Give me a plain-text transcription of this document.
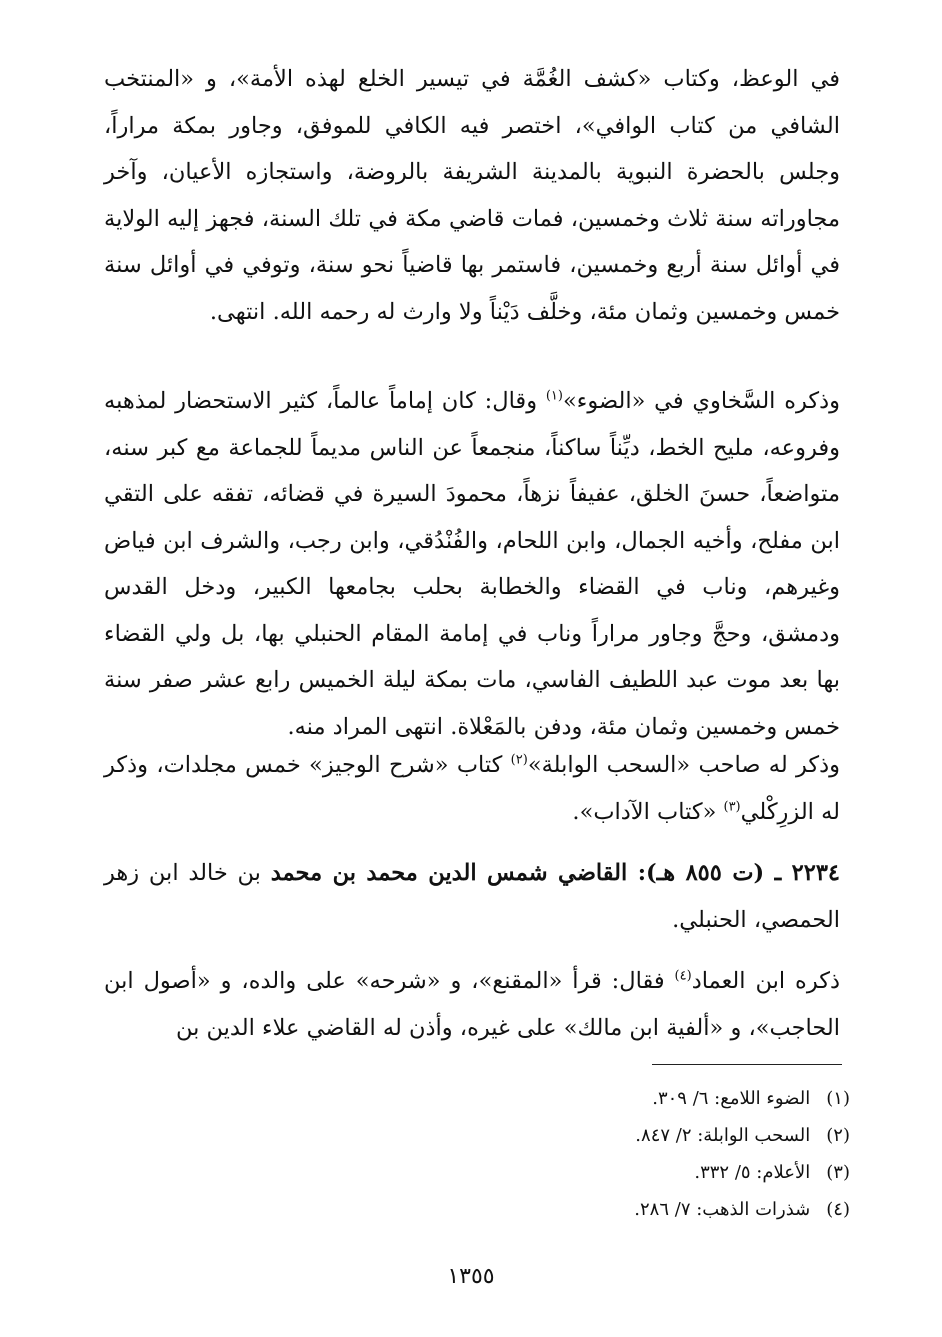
في الوعظ، وكتاب «كشف الغُمَّة في تيسير الخلع لهذه الأمة»، و «المنتخب الشافي من كتاب الوافي»، اختصر فيه الكافي للموفق، وجاور بمكة مراراً، وجلس بالحضرة النبوية بالمدينة الشريفة بالروضة، واستجازه الأعيان، وآخر مجاوراته سنة ثلاث وخمسين، فمات قاضي مكة في تلك السنة، فجهز إليه الولاية في أوائل سنة أربع وخمسين، فاستمر بها قاضياً نحو سنة، وتوفي في أوائل سنة خمس وخمسين وثمان مئة، وخلَّف دَيْناً ولا وارث له رحمه الله. انتهى.

وذكره السَّخاوي في «الضوء»$^{(١)}$ وقال: كان إماماً عالماً، كثير الاستحضار لمذهبه وفروعه، مليح الخط، ديِّناً ساكناً، منجمعاً عن الناس مديماً للجماعة مع كبر سنه، متواضعاً، حسنَ الخلق، عفيفاً نزهاً، محمودَ السيرة في قضائه، تفقه على التقي ابن مفلح، وأخيه الجمال، وابن اللحام، والفُنْدُقي، وابن رجب، والشرف ابن فياض وغيرهم، وناب في القضاء والخطابة بحلب بجامعها الكبير، ودخل القدس ودمشق، وحجَّ وجاور مراراً وناب في إمامة المقام الحنبلي بها، بل ولي القضاء بها بعد موت عبد اللطيف الفاسي، مات بمكة ليلة الخميس رابع عشر صفر سنة خمس وخمسين وثمان مئة، ودفن بالمَعْلاة. انتهى المراد منه.

وذكر له صاحب «السحب الوابلة»$^{(٢)}$ كتاب «شرح الوجيز» خمس مجلدات، وذكر له الزرِكْلي$^{(٣)}$ «كتاب الآداب».

٢٢٣٤ ـ (ت ٨٥٥ هـ): القاضي شمس الدين محمد بن محمد بن خالد ابن زهر الحمصي، الحنبلي.

ذكره ابن العماد$^{(٤)}$ فقال: قرأ «المقنع»، و «شرحه» على والده، و «أصول ابن الحاجب»، و «ألفية ابن مالك» على غيره، وأذن له القاضي علاء الدين بن

(١)الضوء اللامع: ٦/ ٣٠٩.
(٢)السحب الوابلة: ٢/ ٨٤٧.
(٣)الأعلام: ٥/ ٣٣٢.
(٤)شذرات الذهب: ٧/ ٢٨٦.
١٣٥٥
